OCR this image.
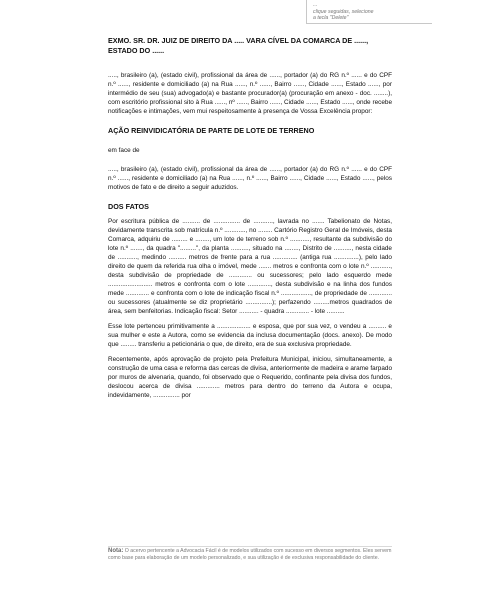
...
clique seguidas, selecione
a tecla "Delete"

EXMO. SR. DR. JUIZ DE DIREITO DA ..... VARA CÍVEL DA COMARCA DE ......,

ESTADO DO ......

....., brasileiro (a), (estado civil), profissional da área de ......, portador (a) do RG n.º ...... e do CPF n.º ......, residente e domiciliado (a) na Rua ......, n.º ......, Bairro ......, Cidade ......, Estado ......, por intermédio de seu (sua) advogado(a) e bastante procurador(a) (procuração em anexo - doc. ........), com escritório profissional sito à Rua ......, nº ......, Bairro ......, Cidade ......, Estado ......, onde recebe notificações e intimações, vem mui respeitosamente à presença de Vossa Excelência propor:

AÇÃO REINVIDICATÓRIA DE PARTE DE LOTE DE TERRENO

em face de

....., brasileiro (a), (estado civil), profissional da área de ......, portador (a) do RG n.º ...... e do CPF n.º ......, residente e domiciliado (a) na Rua ......, n.º ......, Bairro ......, Cidade ......, Estado ......, pelos motivos de fato e de direito a seguir aduzidos.

DOS FATOS

Por escritura pública de .......... de ............... de ..........., lavrada no ....... Tabelionato de Notas, devidamente transcrita sob matrícula n.º ............, no ........ Cartório Registro Geral de Imóveis, desta Comarca, adquiriu de ......... e ........, um lote de terreno sob n.º ..........., resultante da subdivisão do lote n.º ......., da quadra ".........", da planta .........., situado na ........, Distrito de .........., nesta cidade de ..........., medindo .......... metros de frente para a rua .............. (antiga rua ..............), pelo lado direito de quem da referida rua olha o imóvel, mede ....... metros e confronta com o lote n.º ..........., desta subdivisão de propriedade de ............. ou sucessores; pelo lado esquerdo mede ......................... metros e confronta com o lote ............., desta subdivisão e na linha dos fundos mede ............. e confronta com o lote de indicação fiscal n.º ................., de propriedade de ............. ou sucessores (atualmente se diz proprietário ...............); perfazendo .........metros quadrados de área, sem benfeitorias. Indicação fiscal: Setor ........... - quadra ............. - lote ..........

Esse lote pertenceu primitivamente a ................... e esposa, que por sua vez, o vendeu a .......... e sua mulher e este a Autora, como se evidencia da inclusa documentação (docs. anexo). De modo que ......... transferiu a peticionária o que, de direito, era de sua exclusiva propriedade.

Recentemente, após aprovação de projeto pela Prefeitura Municipal, iniciou, simultaneamente, a construção de uma casa e reforma das cercas de divisa, anteriormente de madeira e arame farpado por muros de alvenaria, quando, foi observado que o Requerido, confinante pela divisa dos fundos, deslocou acerca de divisa ............. metros para dentro do terreno da Autora e ocupa, indevidamente, ............... por

Nota: O acervo pertencente a Advocacia Fácil é de modelos utilizados com sucesso em diversos segmentos. Eles servem como base para elaboração de um modelo personalizado, e sua utilização é de exclusiva responsabilidade do cliente.
